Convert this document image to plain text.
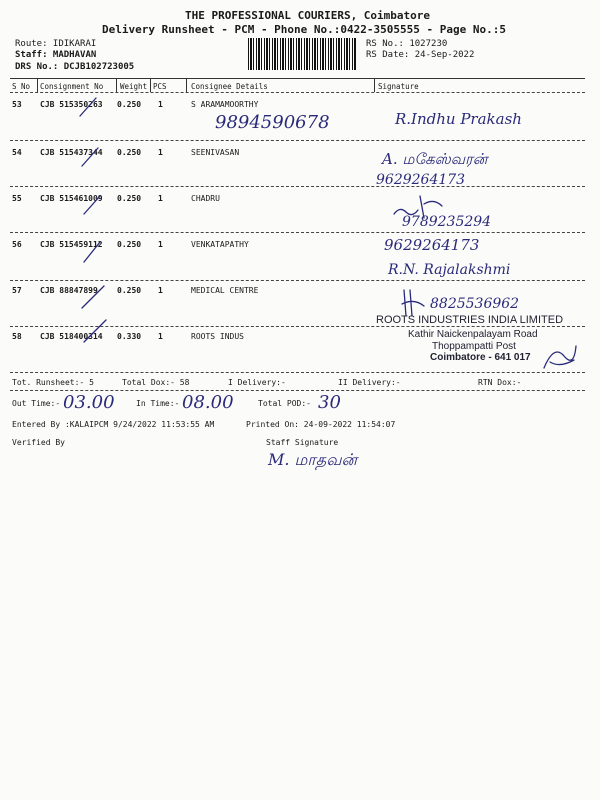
THE PROFESSIONAL COURIERS, Coimbatore
Delivery Runsheet - PCM - Phone No.:0422-3505555 - Page No.:5
Route: IDIKARAI
Staff: MADHAVAN
DRS No.: DCJB102723005
RS No.: 1027230
RS Date: 24-Sep-2022
S No Consignment No Weight PCS	Consignee Details	Signature
53 CJB 515350263 0.250 1	S ARAMAMOORTHY
9894590678	R.Indhu Prakash
54 CJB 515437344 0.250 1	SEENIVASAN	A. மகேஸ்வரன்
9629264173
55 CJB 515461009 0.250 1	CHADRU
9789235294
56 CJB 515459112 0.250 1	VENKATAPATHY	9629264173
R.N. Rajalakshmi
57 CJB 88847899 0.250 1	MEDICAL CENTRE
8825536962
58 CJB 518400314 0.330 1	ROOTS INDUS
ROOTS INDUSTRIES INDIA LIMITED
Kathir Naickenpalayam Road
Thoppampatti Post
Coimbatore - 641 017
Tot. Runsheet:- 5	Total Dox:- 58	I Delivery:-	II Delivery:-	RTN Dox:-
Out Time:- 03.00	In Time:- 08.00	Total POD:- 30
Entered By :KALAIPCM 9/24/2022 11:53:55 AM	Printed On: 24-09-2022 11:54:07
Verified By	Staff Signature
M. மாதவன்
